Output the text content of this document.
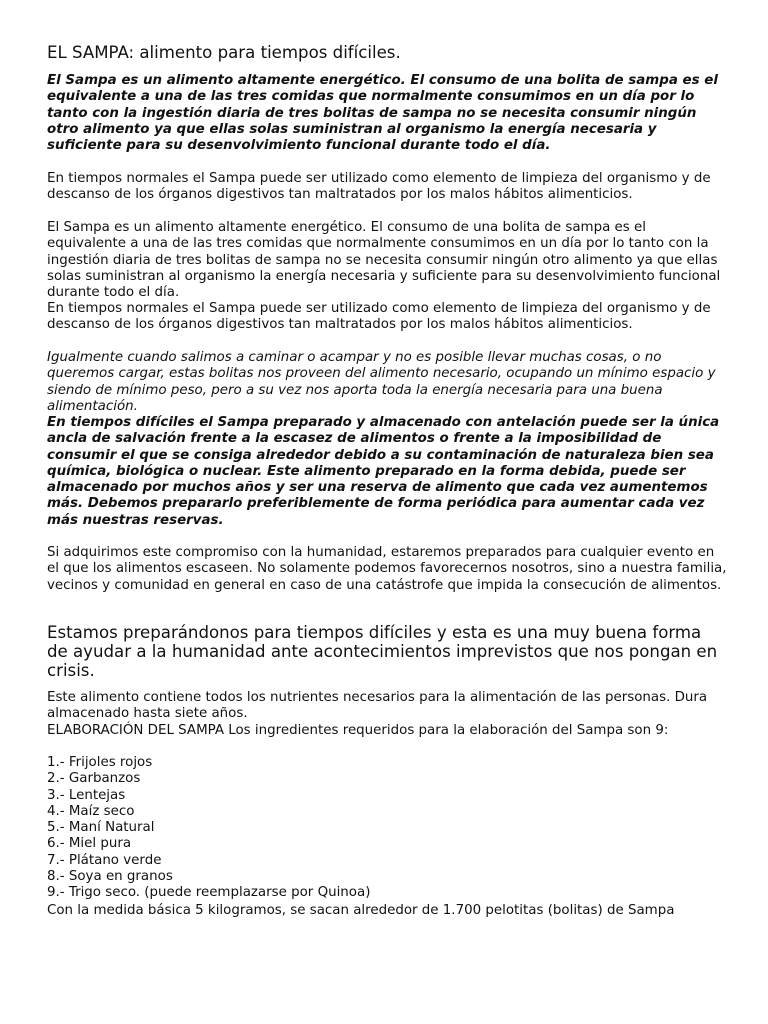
EL SAMPA: alimento para tiempos difíciles.

El Sampa es un alimento altamente energético. El consumo de una bolita de sampa es el equivalente a una de las tres comidas que normalmente consumimos en un día por lo tanto con la ingestión diaria de tres bolitas de sampa no se necesita consumir ningún otro alimento ya que ellas solas suministran al organismo la energía necesaria y suficiente para su desenvolvimiento funcional durante todo el día.

En tiempos normales el Sampa puede ser utilizado como elemento de limpieza del organismo y de descanso de los órganos digestivos tan maltratados por los malos hábitos alimenticios.

El Sampa es un alimento altamente energético. El consumo de una bolita de sampa es el equivalente a una de las tres comidas que normalmente consumimos en un día por lo tanto con la ingestión diaria de tres bolitas de sampa no se necesita consumir ningún otro alimento ya que ellas solas suministran al organismo la energía necesaria y suficiente para su desenvolvimiento funcional durante todo el día.

En tiempos normales el Sampa puede ser utilizado como elemento de limpieza del organismo y de descanso de los órganos digestivos tan maltratados por los malos hábitos alimenticios.

Igualmente cuando salimos a caminar o acampar y no es posible llevar muchas cosas, o no queremos cargar, estas bolitas nos proveen del alimento necesario, ocupando un mínimo espacio y siendo de mínimo peso, pero a su vez nos aporta toda la energía necesaria para una buena alimentación.

En tiempos difíciles el Sampa preparado y almacenado con antelación puede ser la única ancla de salvación frente a la escasez de alimentos o frente a la imposibilidad de consumir el que se consiga alrededor debido a su contaminación de naturaleza bien sea química, biológica o nuclear. Este alimento preparado en la forma debida, puede ser almacenado por muchos años y ser una reserva de alimento que cada vez aumentemos más. Debemos prepararlo preferiblemente de forma periódica para aumentar cada vez más nuestras reservas.

Si adquirimos este compromiso con la humanidad, estaremos preparados para cualquier evento en el que los alimentos escaseen. No solamente podemos favorecernos nosotros, sino a nuestra familia, vecinos y comunidad en general en caso de una catástrofe que impida la consecución de alimentos.

Estamos preparándonos para tiempos difíciles y esta es una muy buena forma de ayudar a la humanidad ante acontecimientos imprevistos que nos pongan en crisis.

Este alimento contiene todos los nutrientes necesarios para la alimentación de las personas. Dura almacenado hasta siete años.

ELABORACIÓN DEL SAMPA Los ingredientes requeridos para la elaboración del Sampa son 9:

1.- Frijoles rojos
2.- Garbanzos
3.- Lentejas
4.- Maíz seco
5.- Maní Natural
6.- Miel pura
7.- Plátano verde
8.- Soya en granos
9.- Trigo seco. (puede reemplazarse por Quinoa)

Con la medida básica 5 kilogramos, se sacan alrededor de 1.700 pelotitas (bolitas) de Sampa
